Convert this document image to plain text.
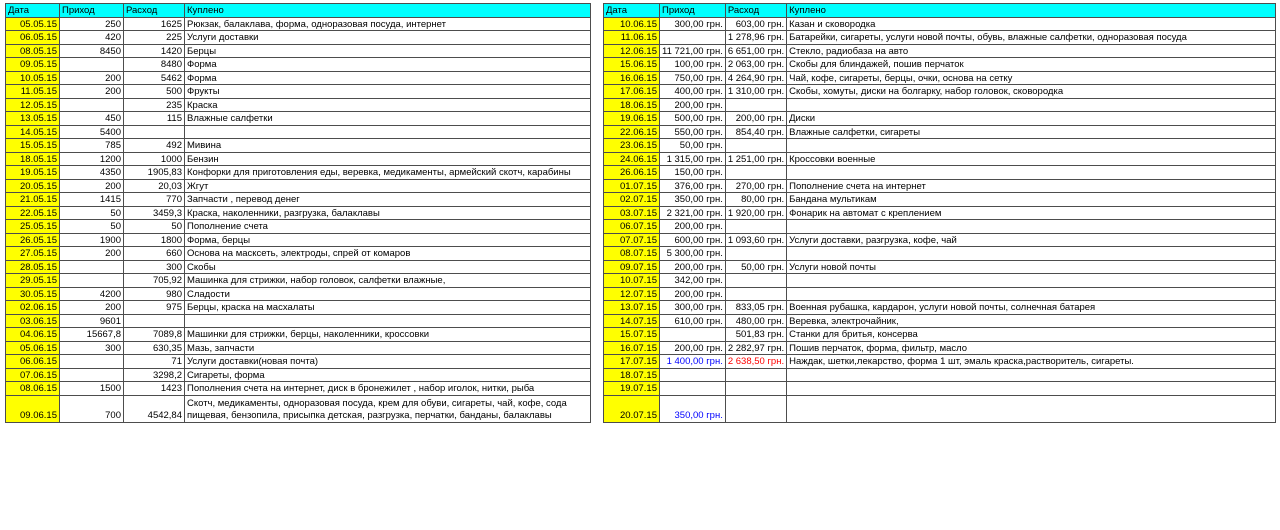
Дата	Приход	Расход	Куплено
05.05.15	250	1625	Рюкзак, балаклава, форма, одноразовая посуда, интернет
06.05.15	420	225	Услуги доставки
08.05.15	8450	1420	Берцы
09.05.15		8480	Форма
10.05.15	200	5462	Форма
11.05.15	200	500	Фрукты
12.05.15		235	Краска
13.05.15	450	115	Влажные салфетки
14.05.15	5400		
15.05.15	785	492	Мивина
18.05.15	1200	1000	Бензин
19.05.15	4350	1905,83	Конфорки для приготовления еды, веревка, медикаменты, армейский скотч, карабины
20.05.15	200	20,03	Жгут
21.05.15	1415	770	Запчасти , перевод денег
22.05.15	50	3459,3	Краска, наколенники, разгрузка, балаклавы
25.05.15	50	50	Пополнение счета
26.05.15	1900	1800	Форма, берцы
27.05.15	200	660	Основа на масксеть, электроды, спрей от комаров
28.05.15		300	Скобы
29.05.15		705,92	Машинка для стрижки, набор головок, салфетки влажные,
30.05.15	4200	980	Сладости
02.06.15	200	975	Берцы, краска на масхалаты
03.06.15	9601		
04.06.15	15667,8	7089,8	Машинки для стрижки, берцы, наколенники, кроссовки
05.06.15	300	630,35	Мазь, запчасти
06.06.15		71	Услуги доставки(новая почта)
07.06.15		3298,2	Сигареты, форма
08.06.15	1500	1423	Пополнения счета на интернет, диск в бронежилет , набор иголок, нитки, рыба
09.06.15	700	4542,84	Скотч, медикаменты, одноразовая посуда, крем для обуви, сигареты, чай, кофе, сода пищевая, бензопила, присыпка детская, разгрузка, перчатки, банданы, балаклавы
Дата	Приход	Расход	Куплено
10.06.15	300,00 грн.	603,00 грн.	Казан и сковородка
11.06.15		1 278,96 грн.	Батарейки, сигареты, услуги новой почты, обувь, влажные салфетки, одноразовая посуда
12.06.15	11 721,00 грн.	6 651,00 грн.	Стекло, радиобаза на авто
15.06.15	100,00 грн.	2 063,00 грн.	Скобы для блиндажей, пошив перчаток
16.06.15	750,00 грн.	4 264,90 грн.	Чай, кофе, сигареты, берцы, очки, основа на сетку
17.06.15	400,00 грн.	1 310,00 грн.	Скобы, хомуты, диски на болгарку, набор головок, сковородка
18.06.15	200,00 грн.		
19.06.15	500,00 грн.	200,00 грн.	Диски
22.06.15	550,00 грн.	854,40 грн.	Влажные салфетки, сигареты
23.06.15	50,00 грн.		
24.06.15	1 315,00 грн.	1 251,00 грн.	Кроссовки военные
26.06.15	150,00 грн.		
01.07.15	376,00 грн.	270,00 грн.	Пополнение счета на интернет
02.07.15	350,00 грн.	80,00 грн.	Бандана мультикам
03.07.15	2 321,00 грн.	1 920,00 грн.	Фонарик на автомат с креплением
06.07.15	200,00 грн.		
07.07.15	600,00 грн.	1 093,60 грн.	Услуги доставки, разгрузка, кофе, чай
08.07.15	5 300,00 грн.		
09.07.15	200,00 грн.	50,00 грн.	Услуги новой почты
10.07.15	342,00 грн.		
12.07.15	200,00 грн.		
13.07.15	300,00 грн.	833,05 грн.	Военная рубашка, кардарон, услуги новой почты, солнечная батарея
14.07.15	610,00 грн.	480,00 грн.	Веревка, электрочайник,
15.07.15		501,83 грн.	Станки для бритья, консерва
16.07.15	200,00 грн.	2 282,97 грн.	Пошив перчаток, форма, фильтр, масло
17.07.15	1 400,00 грн.	2 638,50 грн.	Наждак, шетки,лекарство, форма 1 шт, эмаль краска,растворитель, сигареты.
18.07.15			
19.07.15			
20.07.15	350,00 грн.		
